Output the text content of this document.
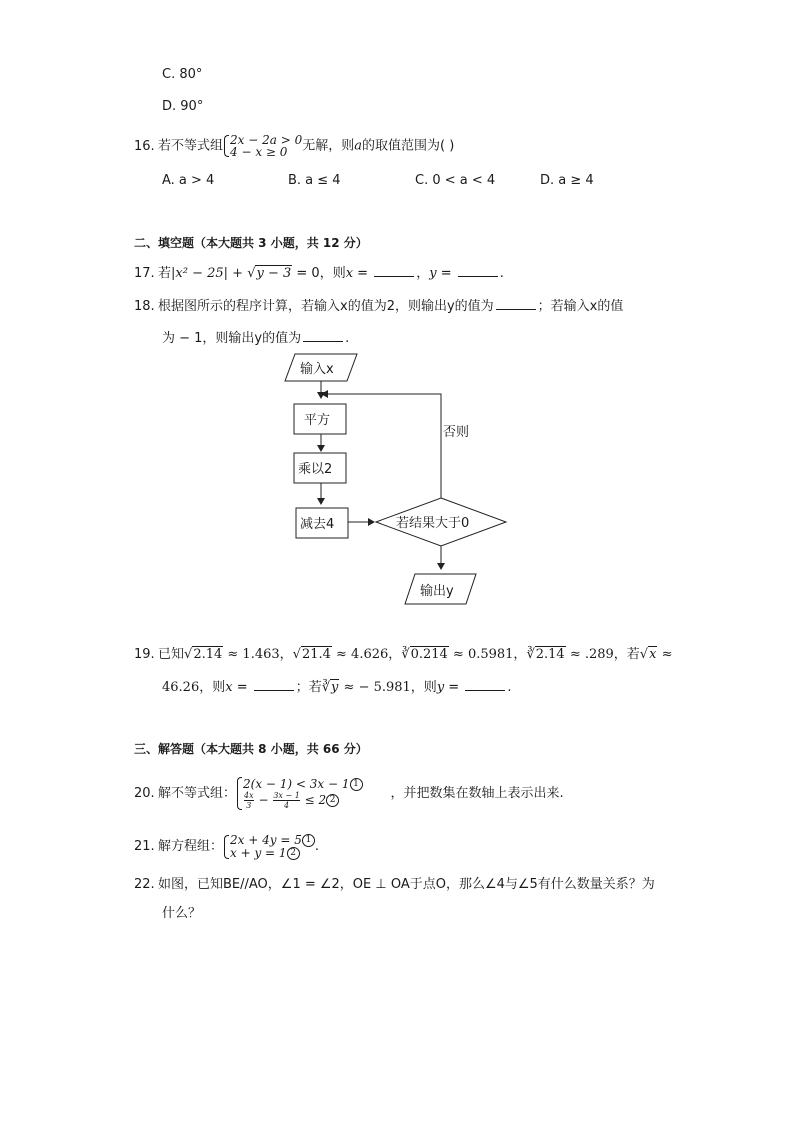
C. 80°
D. 90°
16. 若不等式组 2x − 2a > 0
4 − x ≥ 0	无解，则a的取值范围为( )
A. a > 4	B. a ≤ 4	C. 0 < a < 4	D. a ≥ 4
二、填空题（本大题共 3 小题，共 12 分）
17. 若|x² − 25| + √y − 3 = 0，则x =	，y =	.
18. 根据图所示的程序计算，若输入x的值为2，则输出y的值为	；若输入x的值
为 − 1，则输出y的值为	.
输入x
平方
乘以2
减去4	若结果大于0
否则
输出y
19. 已知√2.14 ≈ 1.463，√21.4 ≈ 4.626，∛0.214 ≈ 0.5981，∛2.14 ≈ .289，若√x ≈
46.26，则x =	；若∛y ≈ − 5.981，则y =	.
三、解答题（本大题共 8 小题，共 66 分）
20. 解不等式组：
2(x − 1) < 3x − 1 1
$\frac{4x}{3} - \frac{3x - 1}{4} \le 2$ 2	，并把数集在数轴上表示出来.
21. 解方程组： 2x + 4y = 5 1
x + y = 1 2	.
22. 如图，已知BE//AO，∠1 = ∠2，OE ⊥ OA于点O，那么∠4与∠5有什么数量关系？为
什么？
